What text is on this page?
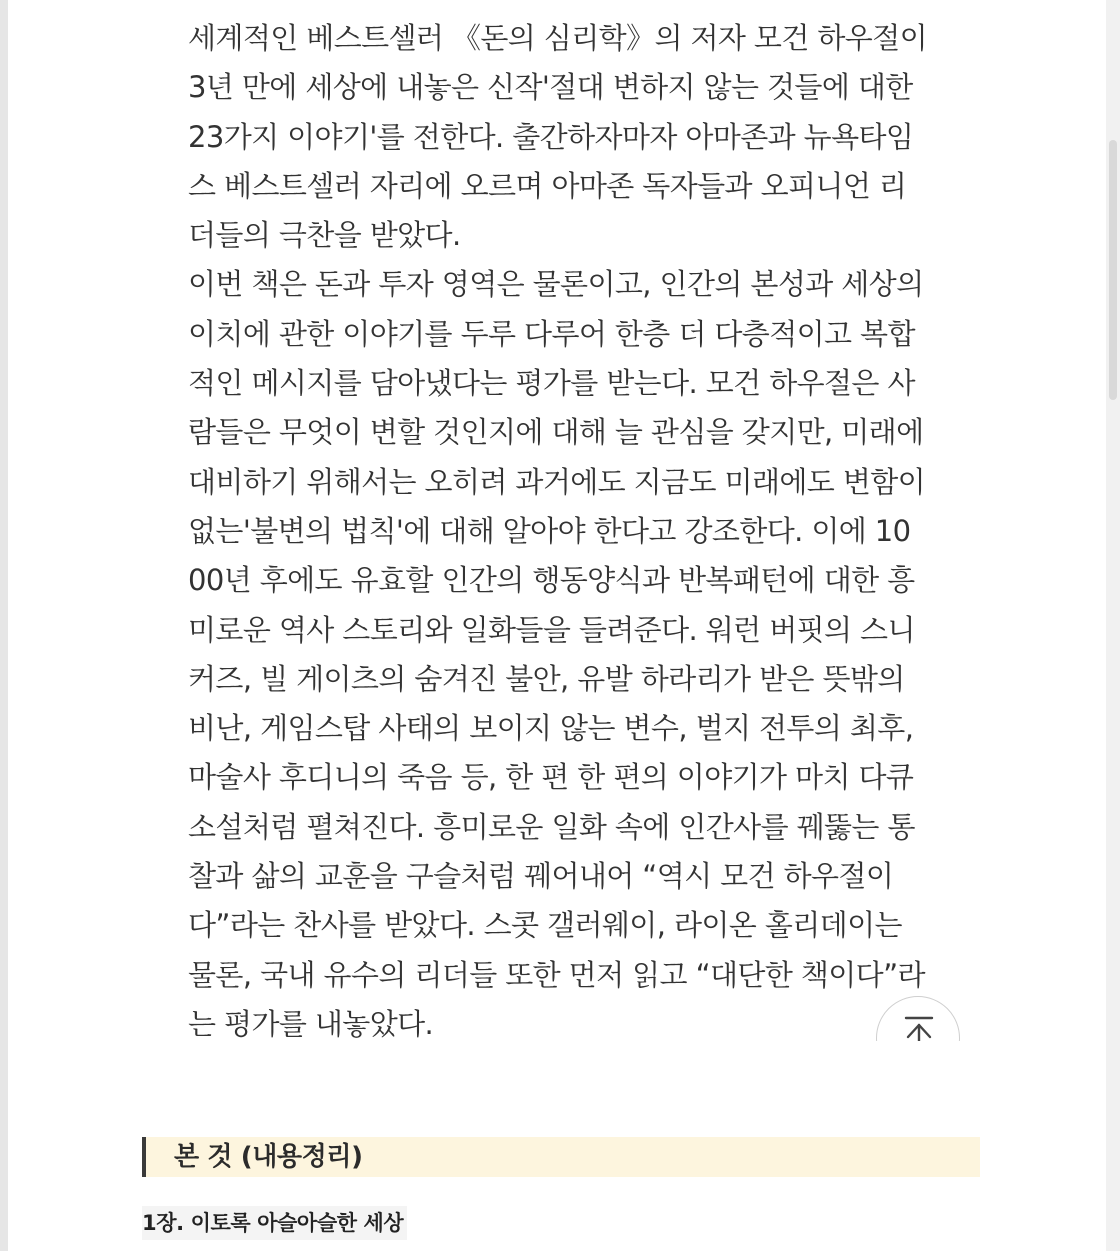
세계적인 베스트셀러 《돈의 심리학》의 저자 모건 하우절이
3년 만에 세상에 내놓은 신작'절대 변하지 않는 것들에 대한
23가지 이야기'를 전한다. 출간하자마자 아마존과 뉴욕타임
스 베스트셀러 자리에 오르며 아마존 독자들과 오피니언 리
더들의 극찬을 받았다.
이번 책은 돈과 투자 영역은 물론이고, 인간의 본성과 세상의
이치에 관한 이야기를 두루 다루어 한층 더 다층적이고 복합
적인 메시지를 담아냈다는 평가를 받는다. 모건 하우절은 사
람들은 무엇이 변할 것인지에 대해 늘 관심을 갖지만, 미래에
대비하기 위해서는 오히려 과거에도 지금도 미래에도 변함이
없는'불변의 법칙'에 대해 알아야 한다고 강조한다. 이에 10
00년 후에도 유효할 인간의 행동양식과 반복패턴에 대한 흥
미로운 역사 스토리와 일화들을 들려준다. 워런 버핏의 스니
커즈, 빌 게이츠의 숨겨진 불안, 유발 하라리가 받은 뜻밖의
비난, 게임스탑 사태의 보이지 않는 변수, 벌지 전투의 최후,
마술사 후디니의 죽음 등, 한 편 한 편의 이야기가 마치 다큐
소설처럼 펼쳐진다. 흥미로운 일화 속에 인간사를 꿰뚫는 통
찰과 삶의 교훈을 구슬처럼 꿰어내어 “역시 모건 하우절이
다”라는 찬사를 받았다. 스콧 갤러웨이, 라이온 홀리데이는
물론, 국내 유수의 리더들 또한 먼저 읽고 “대단한 책이다”라
는 평가를 내놓았다.
본 것 (내용정리)
1장. 이토록 아슬아슬한 세상
